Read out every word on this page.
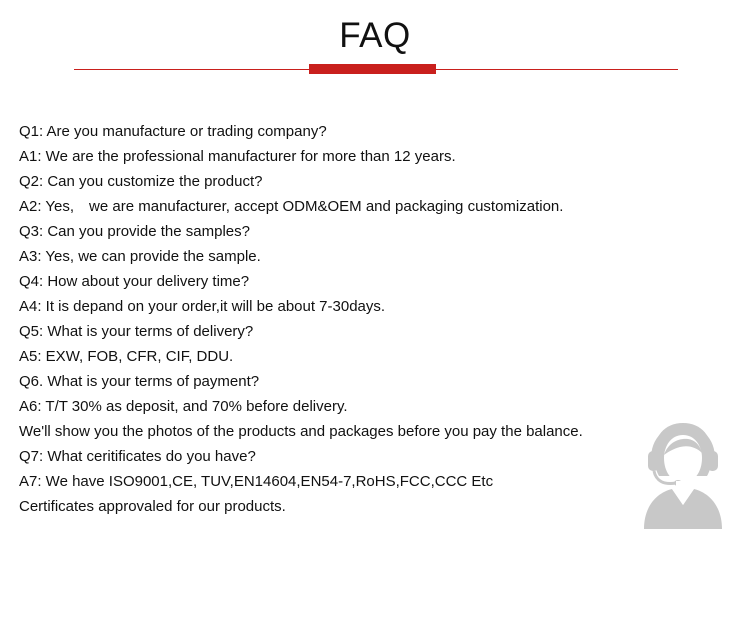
FAQ
Q1: Are you manufacture or trading company?
A1: We are the professional manufacturer for more than 12 years.
Q2: Can you customize the product?
A2: Yes,　we are manufacturer, accept ODM&OEM and packaging customization.
Q3: Can you provide the samples?
A3: Yes, we can provide the sample.
Q4: How about your delivery time?
A4: It is depand on your order,it will be about 7-30days.
Q5: What is your terms of delivery?
A5: EXW, FOB, CFR, CIF, DDU.
Q6. What is your terms of payment?
A6: T/T 30% as deposit, and 70% before delivery.
We'll show you the photos of the products and packages before you pay the balance.
Q7: What ceritificates do you have?
A7: We have ISO9001,CE, TUV,EN14604,EN54-7,RoHS,FCC,CCC Etc
Certificates approvaled for our products.
